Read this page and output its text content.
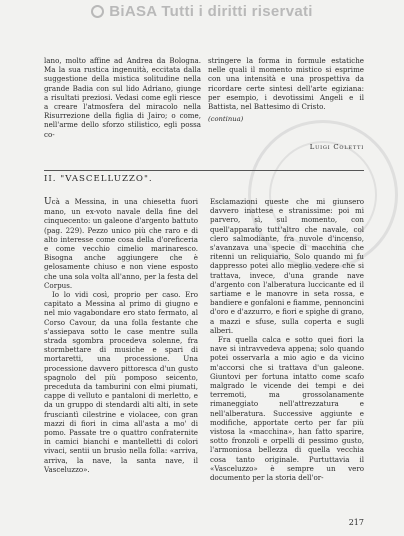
BiASA Tutti i diritti riservati

lano, molto affine ad Andrea da Bologna. Ma la sua rustica ingenuità, eccitata dalla suggestione della mistica solitudine nella grande Badia con sul lido Adriano, giunge a risultati preziosi. Vedasi come egli riesce a creare l'atmosfera del miracolo nella Risurrezione della figlia di Jairo; o come, nell'arme dello sforzo stilistico, egli possa co-

stringere la forma in formule estatiche nelle quali il momento mistico si esprime con una intensità e una prospettiva da ricordare certe sintesi dell'arte egiziana: per esempio, i devotissimi Angeli e il Battista, nel Battesimo di Cristo.

(continua)
Luigi Coletti
II. "VASCELLUZZO".

Ucà a Messina, in una chiesetta fuori mano, un ex-voto navale della fine del cinquecento: un galeone d'argento battuto (pag. 229). Pezzo unico più che raro e di alto interesse come cosa della d'oreficeria e come vecchio cimelio marinaresco. Bisogna anche aggiungere che è gelosamente chiuso e non viene esposto che una sola volta all'anno, per la festa del Corpus.

Io lo vidi così, proprio per caso. Ero capitato a Messina al primo di giugno e nel mio vagabondare ero stato fermato, al Corso Cavour, da una folla festante che s'assiepava sotto le case mentre sulla strada sgombra procedeva solenne, fra stormbettare di musiche e spari di mortaretti, una processione. Una processione davvero pittoresca d'un gusto spagnolo del più pomposo seicento, preceduta da tamburini con elmi piumati, cappe di velluto e pantaloni di merletto, e da un gruppo di stendardi alti alti, in sete frusciantì cilestrine e violacee, con gran mazzi di fiori in cima all'asta a mo' di pomo. Passate tre o quattro confraternite in camici bianchi e mantelletti di colori vivaci, sentii un brusìo nella folla: «arriva, arriva, la nave, la santa nave, il Vasceluzzo».

Esclamazioni queste che mi giunsero davvero inattese e stranissime: poi mi parvero, sì, sul momento, con quell'apparato tutt'altro che navale, col clero salmodiante, fra nuvole d'incenso, s'avanzava una specie di macchina che ritenni un reliquiario. Solo quando mi fu dappresso potei allo meglio vedere che si trattava, invece, d'una grande nave d'argento con l'alberatura luccicante ed il sartiame e le manovre in seta rossa, e bandiere e gonfaloni e fiamme, pennoncini d'oro e d'azzurro, e fiori e spighe di grano, a mazzi e sfuse, sulla coperta e sugli alberi.

Fra quella calca e sotto quei fiori la nave si intravvedeva appena; solo quando potei osservarla a mio agio e da vicino m'accorsi che si trattava d'un galeone. Giuntovi per fortuna intatto come scafo malgrado le vicende dei tempi e dei terremoti, ma grossolanamente rimaneggiato nell'attrezzatura e nell'alberatura. Successive aggiunte e modifiche, apportate certo per far più vistosa la «macchina», han fatto sparire, sotto fronzoli e orpelli di pessimo gusto, l'armoniosa bellezza di quella vecchia cosa tanto originale. Purtuttavia il «Vasceluzzo» è sempre un vero documento per la storia dell'or-

217
